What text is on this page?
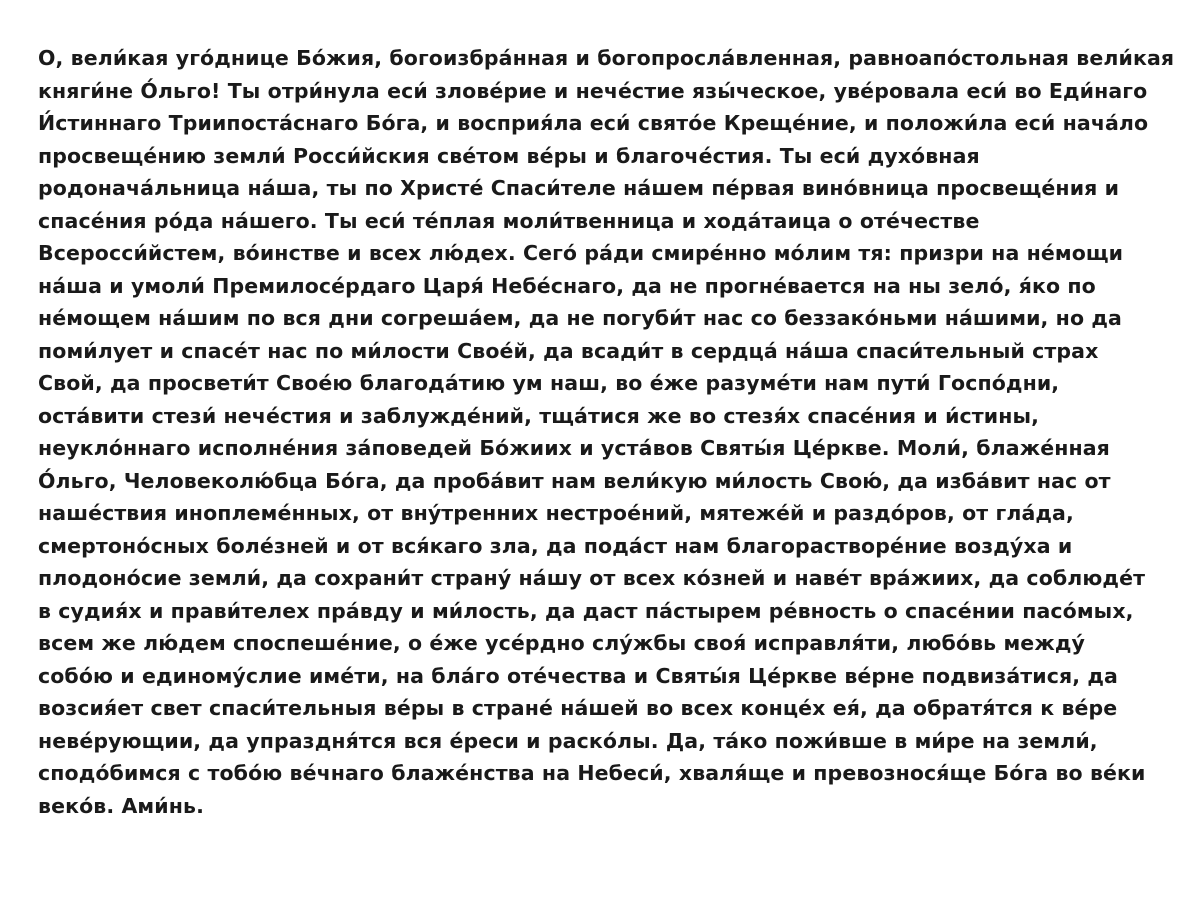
О, вели́кая уго́днице Бо́жия, богоизбра́нная и богопросла́вленная, равноапо́стольная вели́кая
княги́не О́льго! Ты отри́нула еси́ зловéрие и нечéстие язы́ческое, увéровала еси́ во Еди́наго
И́стиннаго Триипоста́снаго Бо́га, и восприя́ла еси́ свято́е Крещéние, и положи́ла еси́ нача́ло
просвещéнию земли́ Росси́йския свéтом вéры и благочéстия. Ты еси́ духо́вная
родонача́льница на́ша, ты по Христе́ Спаси́теле на́шем пéрвая вино́вница просвещéния и
спасéния ро́да на́шего. Ты еси́ тéплая моли́твенница и хода́таица о отéчестве
Всеросси́йстем, во́инстве и всех лю́дех. Сего́ ра́ди смирéнно мо́лим тя: призри на нéмощи
на́ша и умоли́ Премилосéрдаго Царя́ Небéснаго, да не прогнéвается на ны зело́, я́ко по
нéмощем на́шим по вся дни согреша́ем, да не погуби́т нас со беззако́ньми на́шими, но да
поми́лует и спасéт нас по ми́лости Свое́й, да всади́т в сердца́ на́ша спаси́тельный страх
Свой, да просвети́т Свое́ю благода́тию ум наш, во е́же разумéти нам пути́ Госпо́дни,
оста́вити стези́ нечéстия и заблужде́ний, тща́тися же во стезя́х спасéния и и́стины,
неукло́ннаго исполнéния за́поведей Бо́жиих и уста́вов Святы́я Це́ркве. Моли́, блажéнная
О́льго, Человеколю́бца Бо́га, да проба́вит нам вели́кую ми́лость Свою́, да изба́вит нас от
нашéствия иноплемéнных, от вну́тренних нестрое́ний, мятеже́й и раздо́ров, от гла́да,
смертоно́сных боле́зней и от вся́каго зла, да пода́ст нам благорастворéние возду́ха и
плодоно́сие земли́, да сохрани́т страну́ на́шу от всех ко́зней и навéт вра́жиих, да соблюде́т
в судия́х и прави́телех пра́вду и ми́лость, да даст па́стырем рéвность о спасéнии пасо́мых,
всем же лю́дем споспешéние, о е́же усéрдно слу́жбы своя́ исправля́ти, любо́вь между́
собо́ю и единому́слие имéти, на бла́го отéчества и Святы́я Це́ркве вéрне подвиза́тися, да
возсия́ет свет спаси́тельныя вéры в стране́ на́шей во всех конце́х ея́, да обратя́тся к вéре
невéрующии, да упраздня́тся вся е́реси и раско́лы. Да, та́ко пожи́вше в ми́ре на земли́,
сподо́бимся с тобо́ю вéчнаго блажéнства на Небеси́, хваля́ще и превознося́ще Бо́га во вéки
веко́в. Ами́нь.
